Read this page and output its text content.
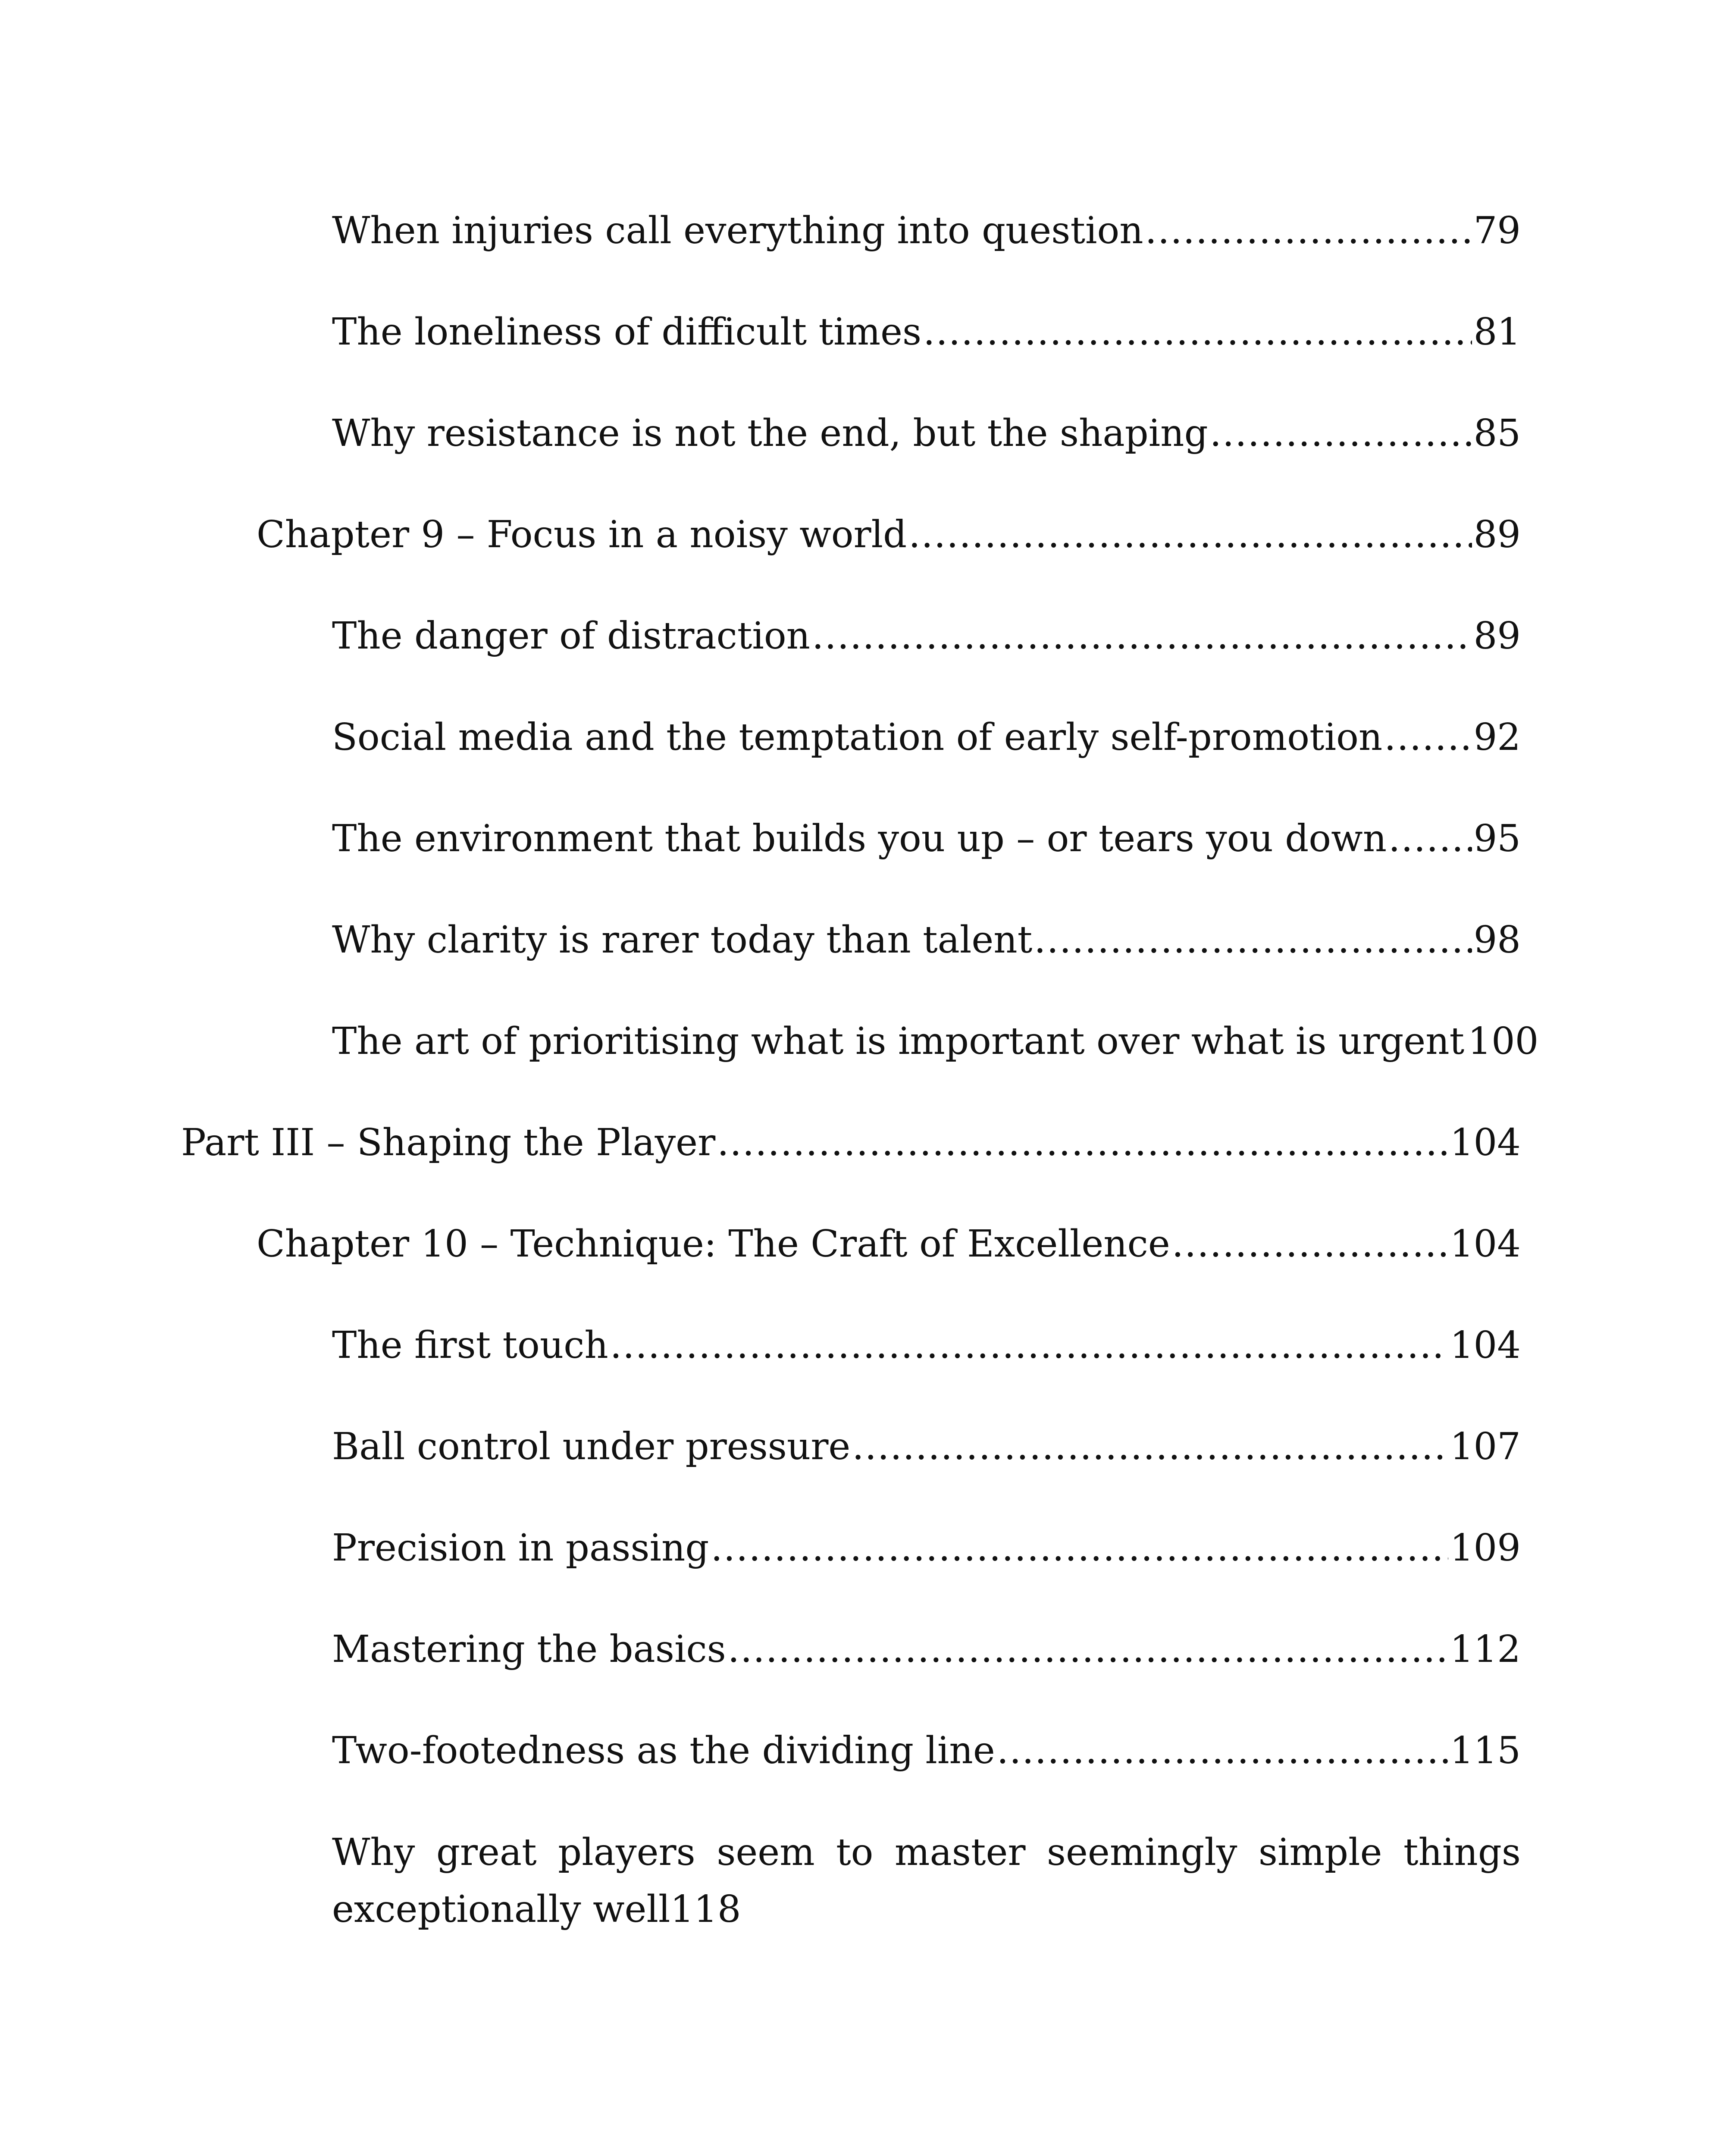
When injuries call everything into question .....	79
The loneliness of difficult times .....	81
Why resistance is not the end, but the shaping .....	85
Chapter 9 – Focus in a noisy world .....	89
The danger of distraction .....	89
Social media and the temptation of early self-promotion ..... 92
The environment that builds you up – or tears you down ..... 95
Why clarity is rarer today than talent .....	98
The art of prioritising what is important over what is urgent 100
Part III – Shaping the Player .....	104
Chapter 10 – Technique: The Craft of Excellence .....	104
The first touch .....	104
Ball control under pressure .....	107
Precision in passing .....	109
Mastering the basics .....	112
Two-footedness as the dividing line .....	115
Why great players seem to master seemingly simple things
exceptionally well 118
